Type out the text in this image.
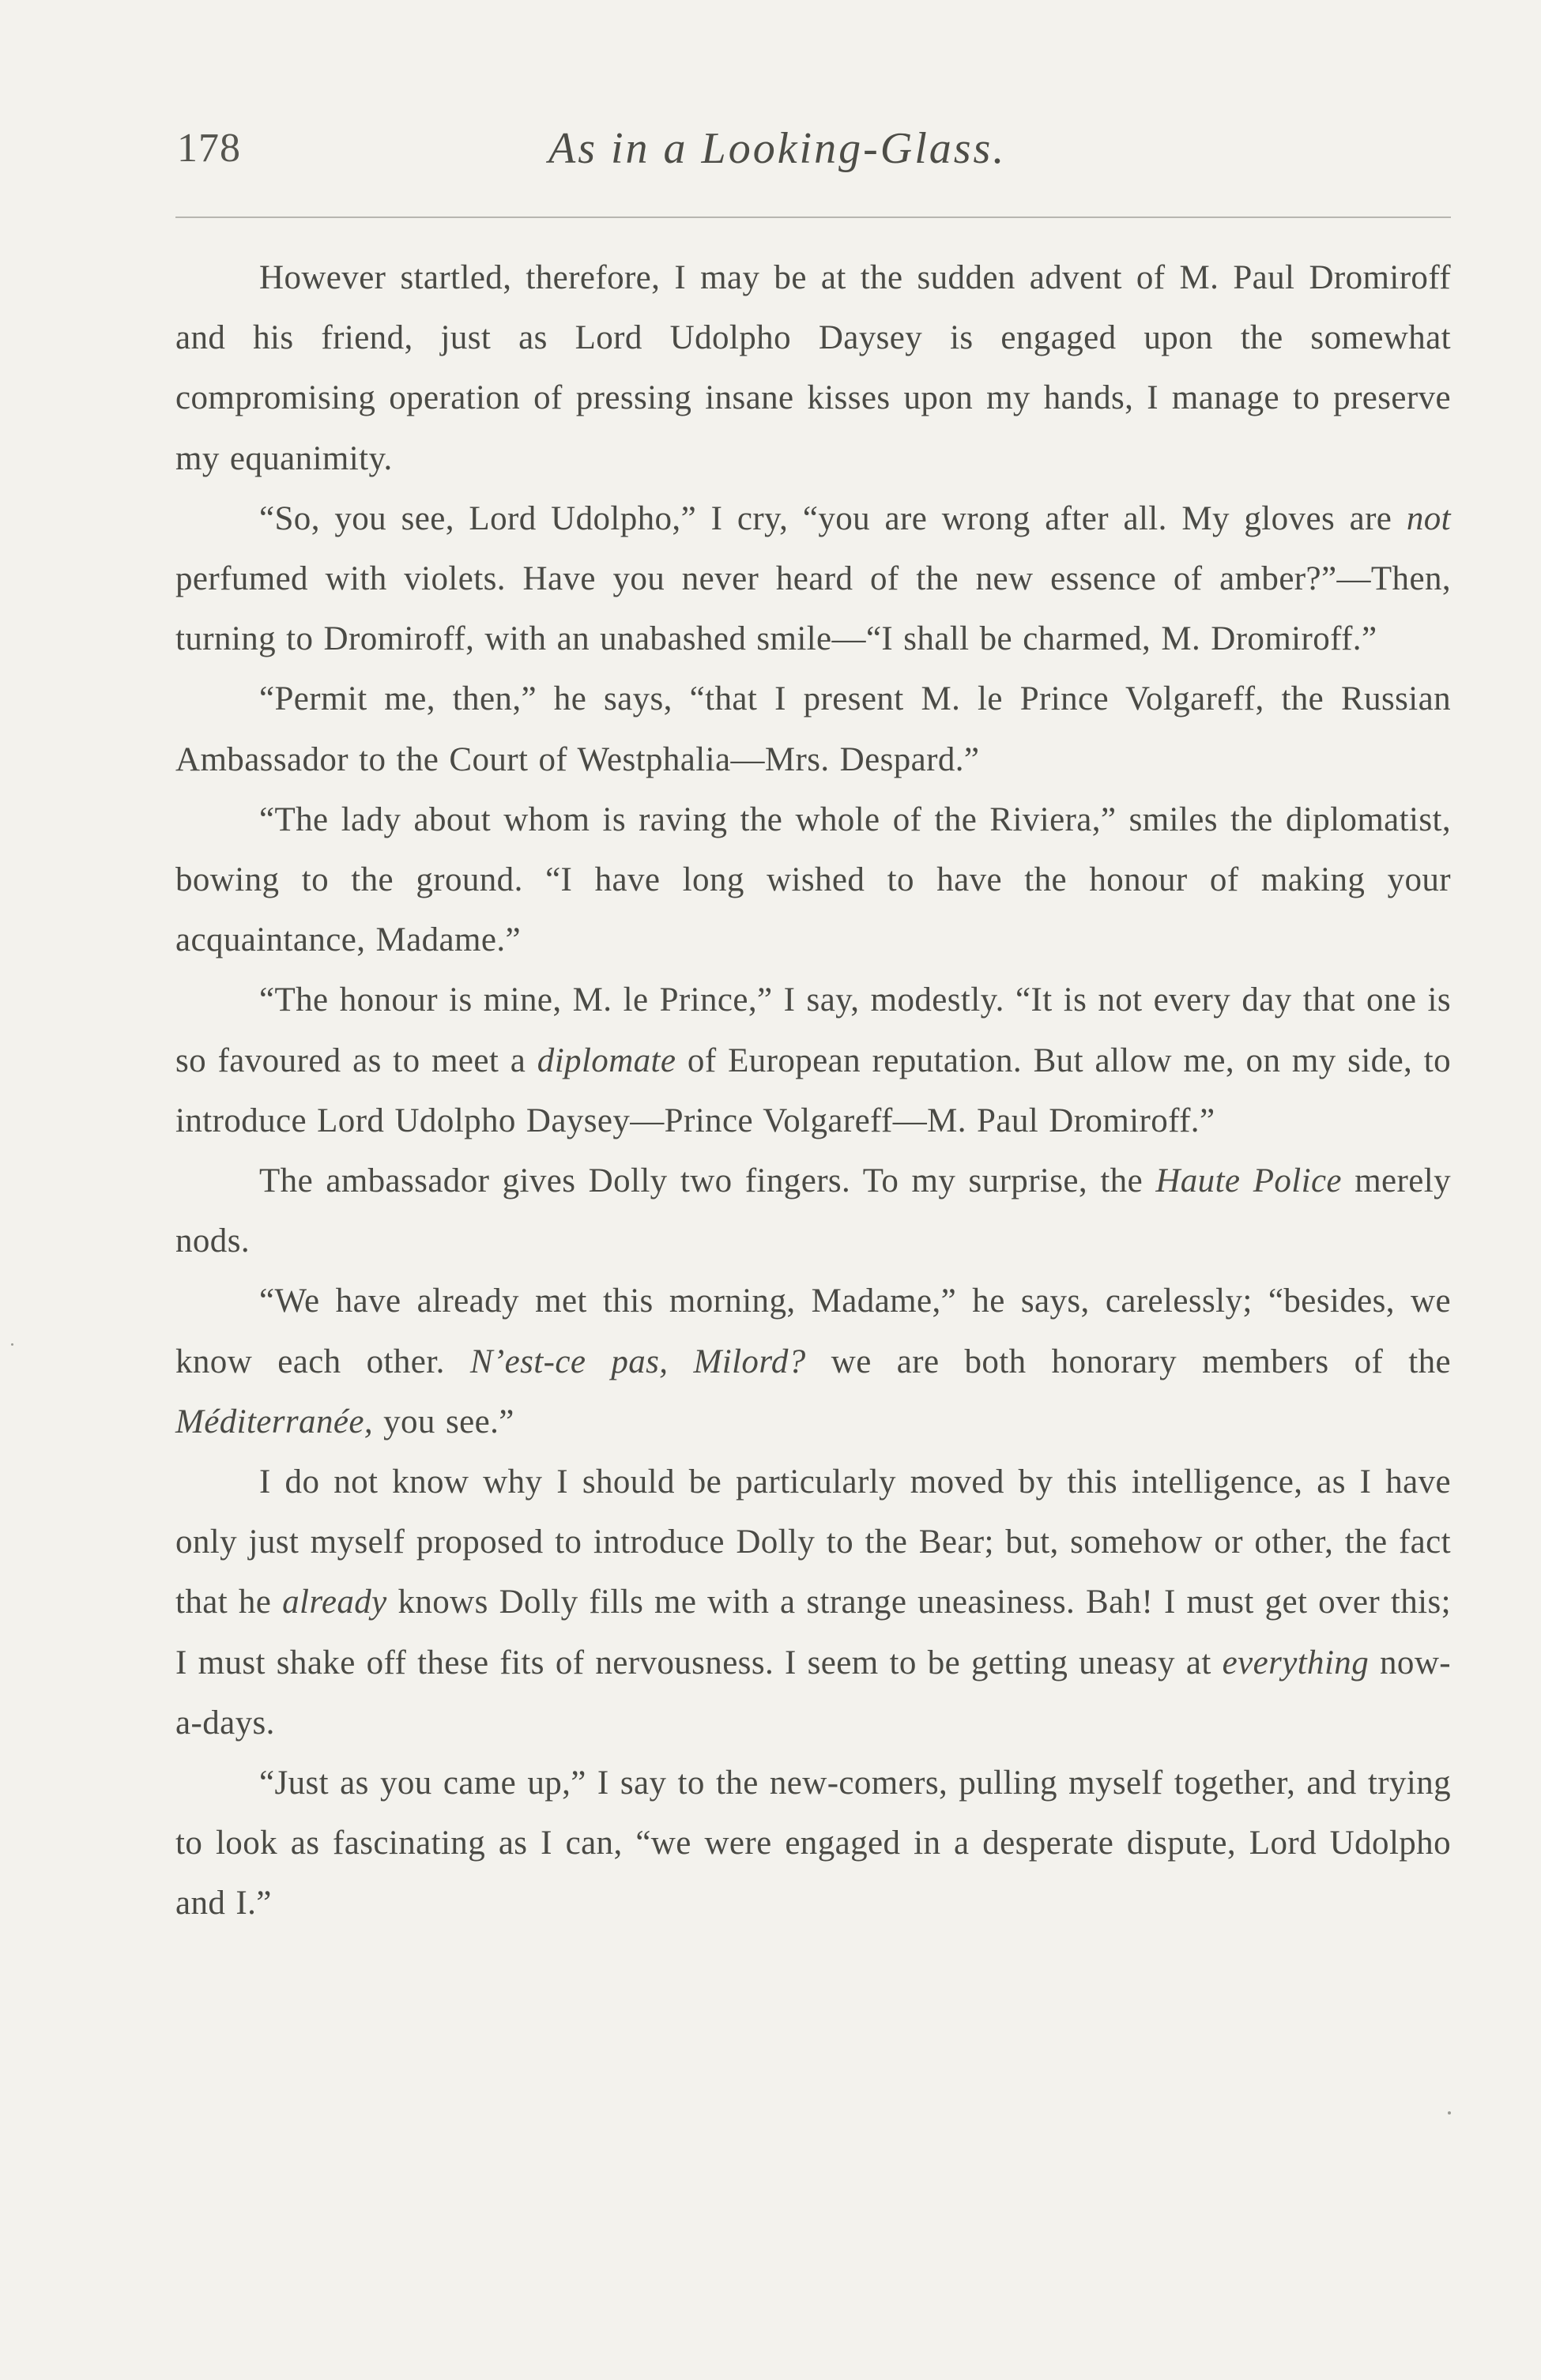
178	As in a Looking-Glass.

However startled, therefore, I may be at the sudden advent of M. Paul Dromiroff and his friend, just as Lord Udolpho Daysey is engaged upon the somewhat compromising operation of pressing insane kisses upon my hands, I manage to preserve my equanimity.

“So, you see, Lord Udolpho,” I cry, “you are wrong after all. My gloves are not perfumed with violets. Have you never heard of the new essence of amber?”—Then, turning to Dromiroff, with an unabashed smile—“I shall be charmed, M. Dromiroff.”

“Permit me, then,” he says, “that I present M. le Prince Volgareff, the Russian Ambassador to the Court of Westphalia—Mrs. Despard.”

“The lady about whom is raving the whole of the Riviera,” smiles the diplomatist, bowing to the ground. “I have long wished to have the honour of making your acquaintance, Madame.”

“The honour is mine, M. le Prince,” I say, modestly. “It is not every day that one is so favoured as to meet a diplomate of European reputation. But allow me, on my side, to introduce Lord Udolpho Daysey—Prince Volgareff—M. Paul Dromiroff.”

The ambassador gives Dolly two fingers. To my surprise, the Haute Police merely nods.

“We have already met this morning, Madame,” he says, carelessly; “besides, we know each other. N’est-ce pas, Milord? we are both honorary members of the Méditerranée, you see.”

I do not know why I should be particularly moved by this intelligence, as I have only just myself proposed to introduce Dolly to the Bear; but, somehow or other, the fact that he already knows Dolly fills me with a strange uneasiness. Bah! I must get over this; I must shake off these fits of nervousness. I seem to be getting uneasy at everything now-a-days.

“Just as you came up,” I say to the new-comers, pulling myself together, and trying to look as fascinating as I can, “we were engaged in a desperate dispute, Lord Udolpho and I.”
